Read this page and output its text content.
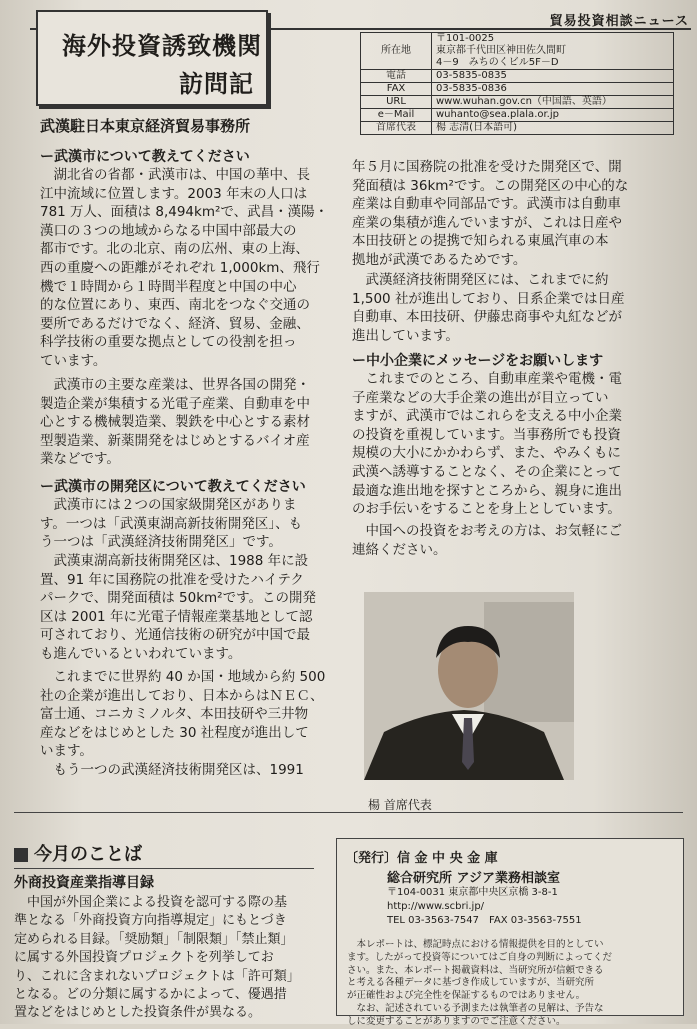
貿易投資相談ニュース
海外投資誘致機関
訪問記
所在地	〒101-0025
東京都千代田区神田佐久間町
4－9　みちのくビル5F－D
電話	03-5835-0835
FAX	03-5835-0836
URL	www.wuhan.gov.cn（中国語、英語）
e－Mail	wuhanto@sea.plala.or.jp
首席代表	楊 志清(日本語可)
武漢駐日本東京経済貿易事務所
ー武漢市について教えてください
　湖北省の省都・武漢市は、中国の華中、長
江中流域に位置します。2003 年末の人口は
781 万人、面積は 8,494km²で、武昌・漢陽・
漢口の３つの地域からなる中国中部最大の
都市です。北の北京、南の広州、東の上海、
西の重慶への距離がそれぞれ 1,000km、飛行
機で１時間から１時間半程度と中国の中心
的な位置にあり、東西、南北をつなぐ交通の
要所であるだけでなく、経済、貿易、金融、
科学技術の重要な拠点としての役割を担っ
ています。
　武漢市の主要な産業は、世界各国の開発・
製造企業が集積する光電子産業、自動車を中
心とする機械製造業、製鉄を中心とする素材
型製造業、新薬開発をはじめとするバイオ産
業などです。
ー武漢市の開発区について教えてください
　武漢市には２つの国家級開発区がありま
す。一つは「武漢東湖高新技術開発区」、も
う一つは「武漢経済技術開発区」です。
　武漢東湖高新技術開発区は、1988 年に設
置、91 年に国務院の批准を受けたハイテク
パークで、開発面積は 50km²です。この開発
区は 2001 年に光電子情報産業基地として認
可されており、光通信技術の研究が中国で最
も進んでいるといわれています。
　これまでに世界約 40 か国・地域から約 500
社の企業が進出しており、日本からはＮＥＣ、
富士通、コニカミノルタ、本田技研や三井物
産などをはじめとした 30 社程度が進出して
います。
　もう一つの武漢経済技術開発区は、1991
年５月に国務院の批准を受けた開発区で、開
発面積は 36km²です。この開発区の中心的な
産業は自動車や同部品です。武漢市は自動車
産業の集積が進んでいますが、これは日産や
本田技研との提携で知られる東風汽車の本
拠地が武漢であるためです。
　武漢経済技術開発区には、これまでに約
1,500 社が進出しており、日系企業では日産
自動車、本田技研、伊藤忠商事や丸紅などが
進出しています。
ー中小企業にメッセージをお願いします
　これまでのところ、自動車産業や電機・電
子産業などの大手企業の進出が目立ってい
ますが、武漢市ではこれらを支える中小企業
の投資を重視しています。当事務所でも投資
規模の大小にかかわらず、また、やみくもに
武漢へ誘導することなく、その企業にとって
最適な進出地を探すところから、親身に進出
のお手伝いをすることを身上としています。
　中国への投資をお考えの方は、お気軽にご
連絡ください。
楊 首席代表
今月のことば
外商投資産業指導目録
　中国が外国企業による投資を認可する際の基
準となる「外商投資方向指導規定」にもとづき
定められる目録。「奨励類」「制限類」「禁止類」
に属する外国投資プロジェクトを列挙してお
り、これに含まれないプロジェクトは「許可類」
となる。どの分類に属するかによって、優遇措
置などをはじめとした投資条件が異なる。
〔発行〕信 金 中 央 金 庫
総合研究所 アジア業務相談室
〒104-0031 東京都中央区京橋 3-8-1
http://www.scbri.jp/
TEL 03-3563-7547　FAX 03-3563-7551
　本レポートは、標記時点における情報提供を目的としてい
ます。したがって投資等についてはご自身の判断によってくだ
さい。また、本レポート掲載資料は、当研究所が信頼できる
と考える各種データに基づき作成していますが、当研究所
が正確性および完全性を保証するものではありません。
　なお、記述されている予測または執筆者の見解は、予告な
しに変更することがありますのでご注意ください。
